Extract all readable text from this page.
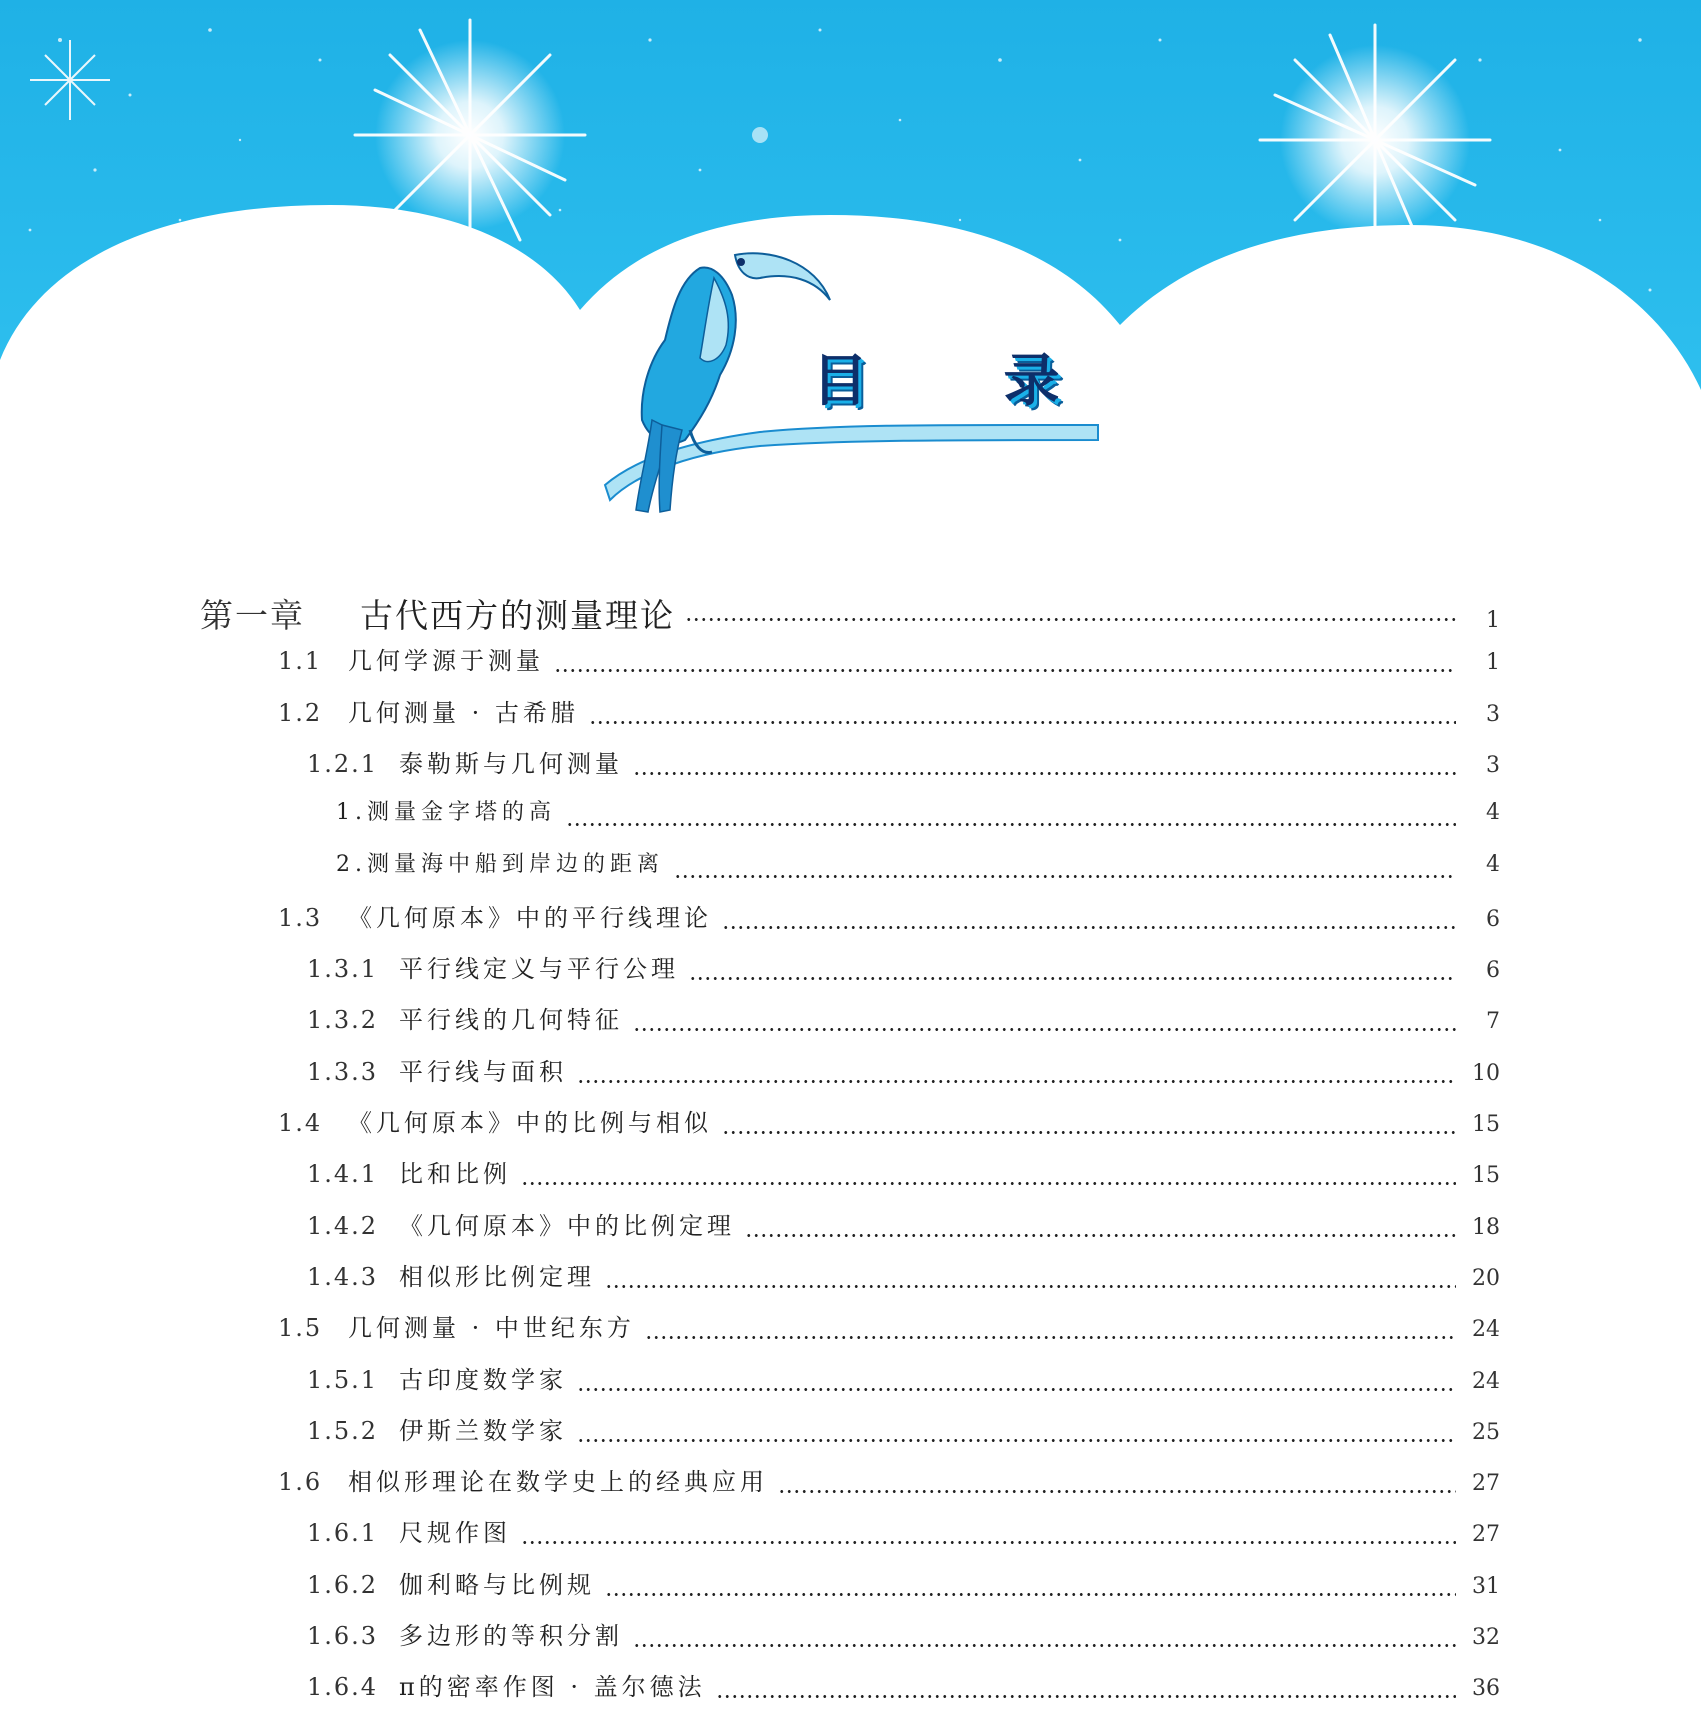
目 录
第一章	古代西方的测量理论	1
1.1	几何学源于测量	1
1.2	几何测量 · 古希腊	3
1.2.1 泰勒斯与几何测量	3
1.测量金字塔的高	4
2.测量海中船到岸边的距离	4
1.3	《几何原本》中的平行线理论	6
1.3.1 平行线定义与平行公理	6
1.3.2 平行线的几何特征	7
1.3.3 平行线与面积	10
1.4	《几何原本》中的比例与相似	15
1.4.1 比和比例	15
1.4.2 《几何原本》中的比例定理	18
1.4.3 相似形比例定理	20
1.5	几何测量 · 中世纪东方	24
1.5.1 古印度数学家	24
1.5.2 伊斯兰数学家	25
1.6	相似形理论在数学史上的经典应用	27
1.6.1 尺规作图	27
1.6.2 伽利略与比例规	31
1.6.3 多边形的等积分割	32
1.6.4 π的密率作图 · 盖尔德法	36
